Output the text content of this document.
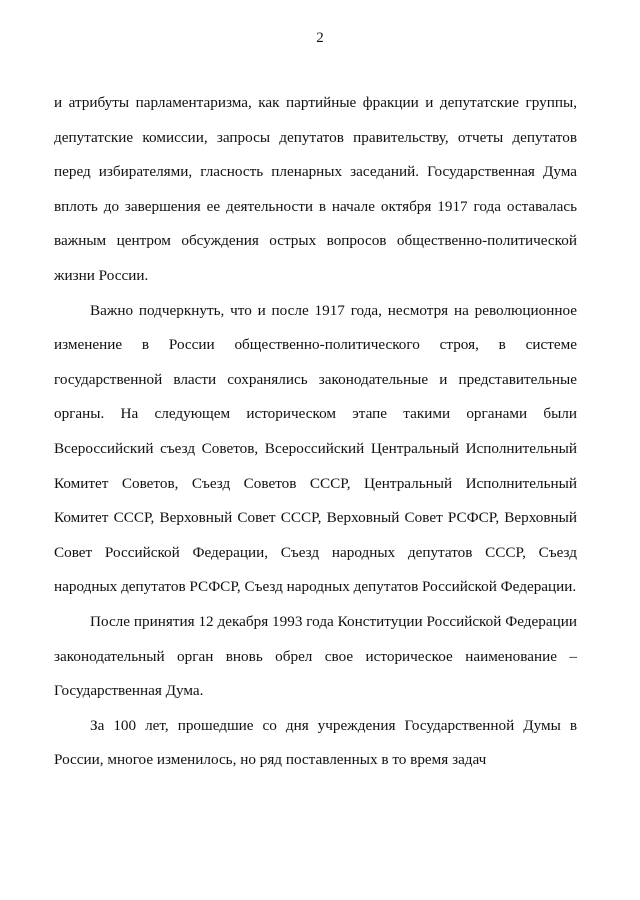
2

и атрибуты парламентаризма, как партийные фракции и депутатские группы, депутатские комиссии, запросы депутатов правительству, отчеты депутатов перед избирателями, гласность пленарных заседаний. Государственная Дума вплоть до завершения ее деятельности в начале октября 1917 года оставалась важным центром обсуждения острых вопросов общественно-политической жизни России.

Важно подчеркнуть, что и после 1917 года, несмотря на революционное изменение в России общественно-политического строя, в системе государственной власти сохранялись законодательные и представительные органы. На следующем историческом этапе такими органами были Всероссийский съезд Советов, Всероссийский Центральный Исполнительный Комитет Советов, Съезд Советов СССР, Центральный Исполнительный Комитет СССР, Верховный Совет СССР, Верховный Совет РСФСР, Верховный Совет Российской Федерации, Съезд народных депутатов СССР, Съезд народных депутатов РСФСР, Съезд народных депутатов Российской Федерации.

После принятия 12 декабря 1993 года Конституции Российской Федерации законодательный орган вновь обрел свое историческое наименование – Государственная Дума.

За 100 лет, прошедшие со дня учреждения Государственной Думы в России, многое изменилось, но ряд поставленных в то время задач
